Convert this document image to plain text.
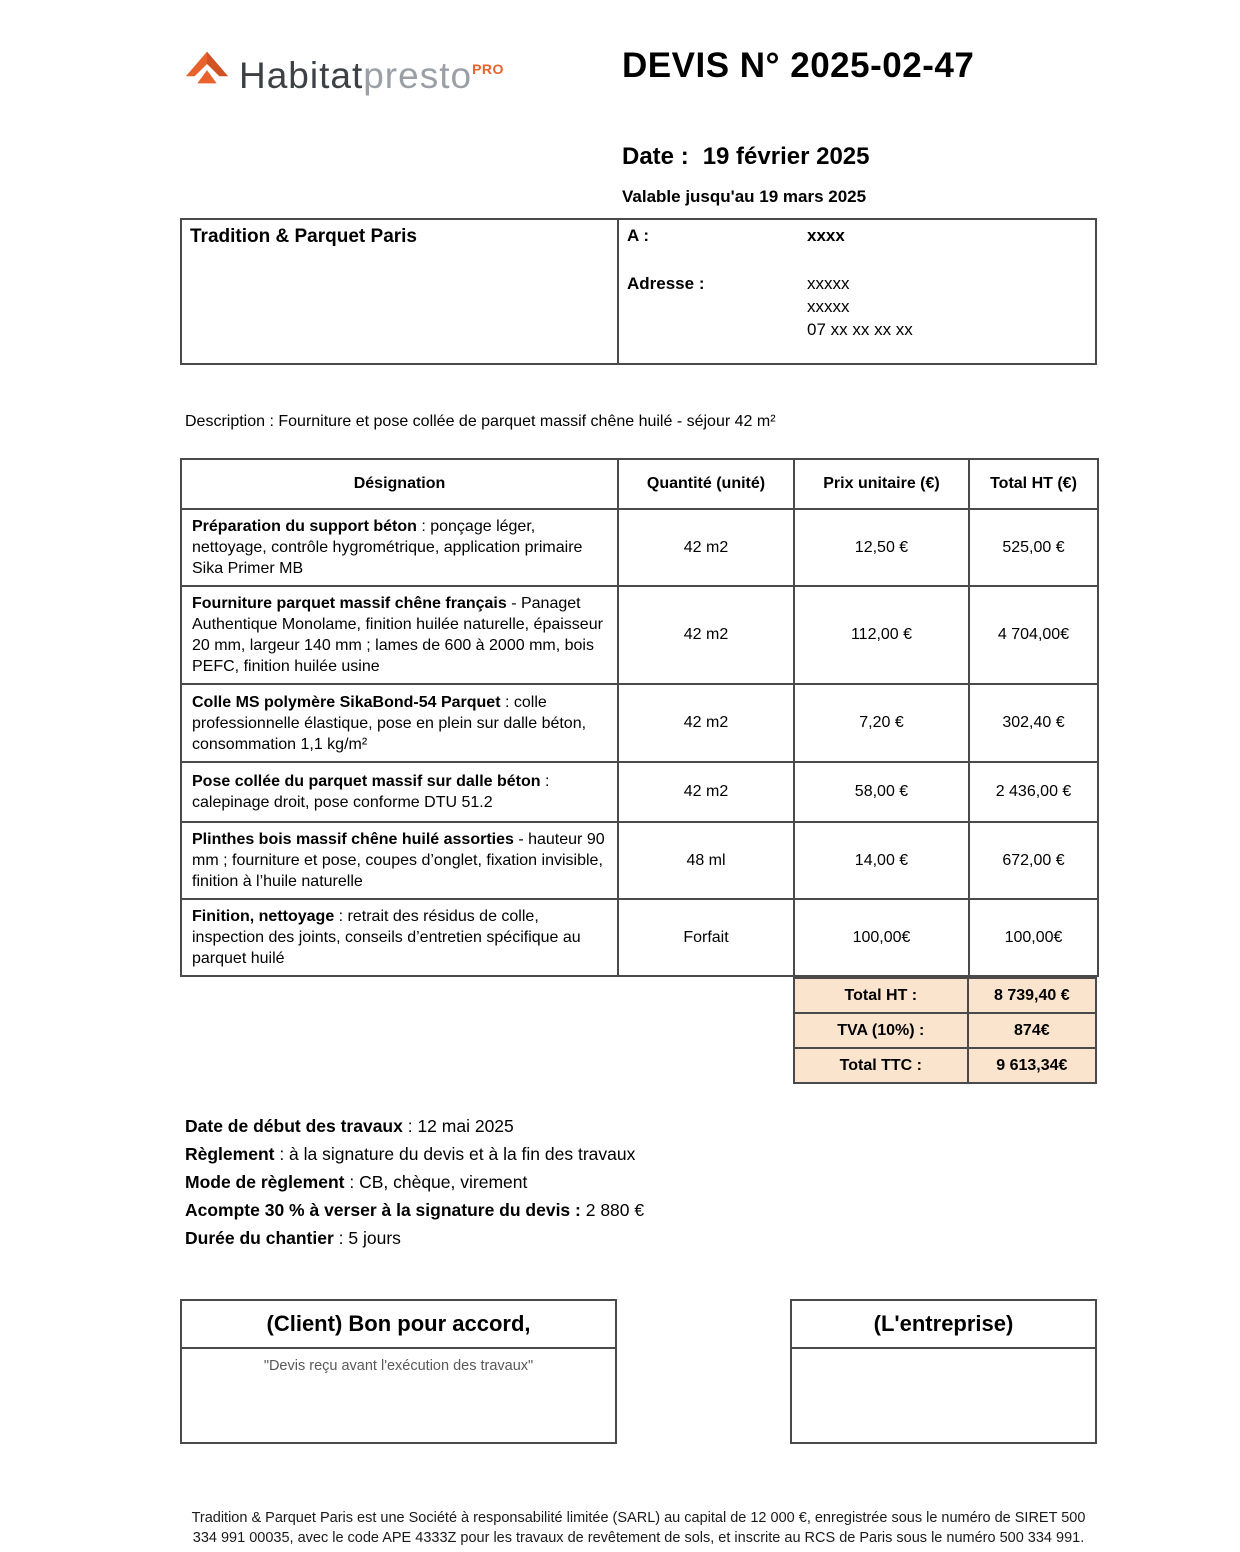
Habitatpresto$^{PRO}$	DEVIS N° 2025-02-47
Date : 19 février 2025
Valable jusqu'au 19 mars 2025
Tradition & Parquet Paris	A :	xxxx
Adresse :	xxxxx
xxxxx
07 xx xx xx xx
Description : Fourniture et pose collée de parquet massif chêne huilé - séjour 42 m²
Désignation	Quantité (unité)	Prix unitaire (€)	Total HT (€)
Préparation du support béton : ponçage léger, nettoyage, contrôle hygrométrique, application primaire Sika Primer MB	42 m2	12,50 €	525,00 €
Fourniture parquet massif chêne français - Panaget Authentique Monolame, finition huilée naturelle, épaisseur 20 mm, largeur 140 mm ; lames de 600 à 2000 mm, bois PEFC, finition huilée usine	42 m2	112,00 €	4 704,00€
Colle MS polymère SikaBond-54 Parquet : colle professionnelle élastique, pose en plein sur dalle béton, consommation 1,1 kg/m²	42 m2	7,20 €	302,40 €
Pose collée du parquet massif sur dalle béton : calepinage droit, pose conforme DTU 51.2	42 m2	58,00 €	2 436,00 €
Plinthes bois massif chêne huilé assorties - hauteur 90 mm ; fourniture et pose, coupes d’onglet, fixation invisible, finition à l’huile naturelle	48 ml	14,00 €	672,00 €
Finition, nettoyage : retrait des résidus de colle, inspection des joints, conseils d’entretien spécifique au parquet huilé	Forfait	100,00€	100,00€
Total HT :	8 739,40 €
TVA (10%) :	874€
Total TTC :	9 613,34€
Date de début des travaux : 12 mai 2025
Règlement : à la signature du devis et à la fin des travaux
Mode de règlement : CB, chèque, virement
Acompte 30 % à verser à la signature du devis : 2 880 €
Durée du chantier : 5 jours
(Client) Bon pour accord,
"Devis reçu avant l'exécution des travaux"
(L'entreprise)
Tradition & Parquet Paris est une Société à responsabilité limitée (SARL) au capital de 12 000 €, enregistrée sous le numéro de SIRET 500 334 991 00035, avec le code APE 4333Z pour les travaux de revêtement de sols, et inscrite au RCS de Paris sous le numéro 500 334 991.
